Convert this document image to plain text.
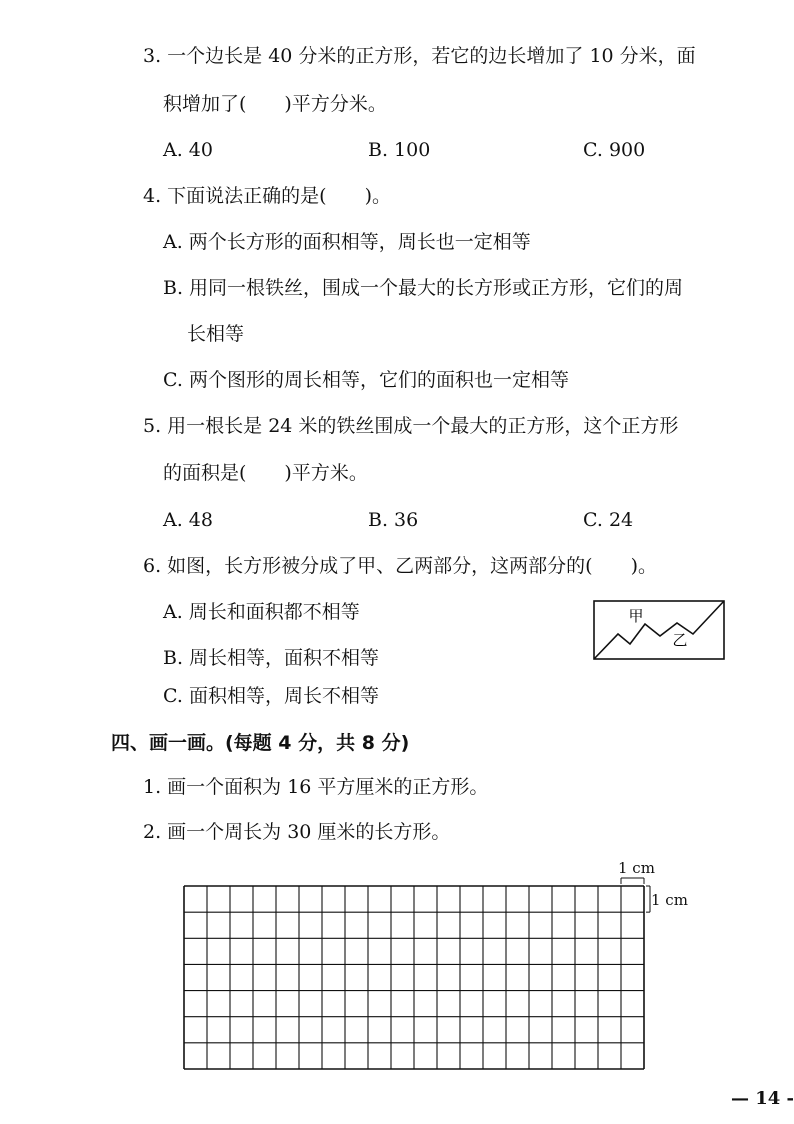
3. 一个边长是 40 分米的正方形，若它的边长增加了 10 分米，面
积增加了(　　)平方分米。
A. 40	B. 100	C. 900
4. 下面说法正确的是(　　)。
A. 两个长方形的面积相等，周长也一定相等
B. 用同一根铁丝，围成一个最大的长方形或正方形，它们的周
长相等
C. 两个图形的周长相等，它们的面积也一定相等
5. 用一根长是 24 米的铁丝围成一个最大的正方形，这个正方形
的面积是(　　)平方米。
A. 48	B. 36	C. 24
6. 如图，长方形被分成了甲、乙两部分，这两部分的(　　)。
A. 周长和面积都不相等
B. 周长相等，面积不相等
C. 面积相等，周长不相等
甲
乙
四、画一画。(每题 4 分，共 8 分)
1. 画一个面积为 16 平方厘米的正方形。
2. 画一个周长为 30 厘米的长方形。
1 cm
1 cm
— 14 -
